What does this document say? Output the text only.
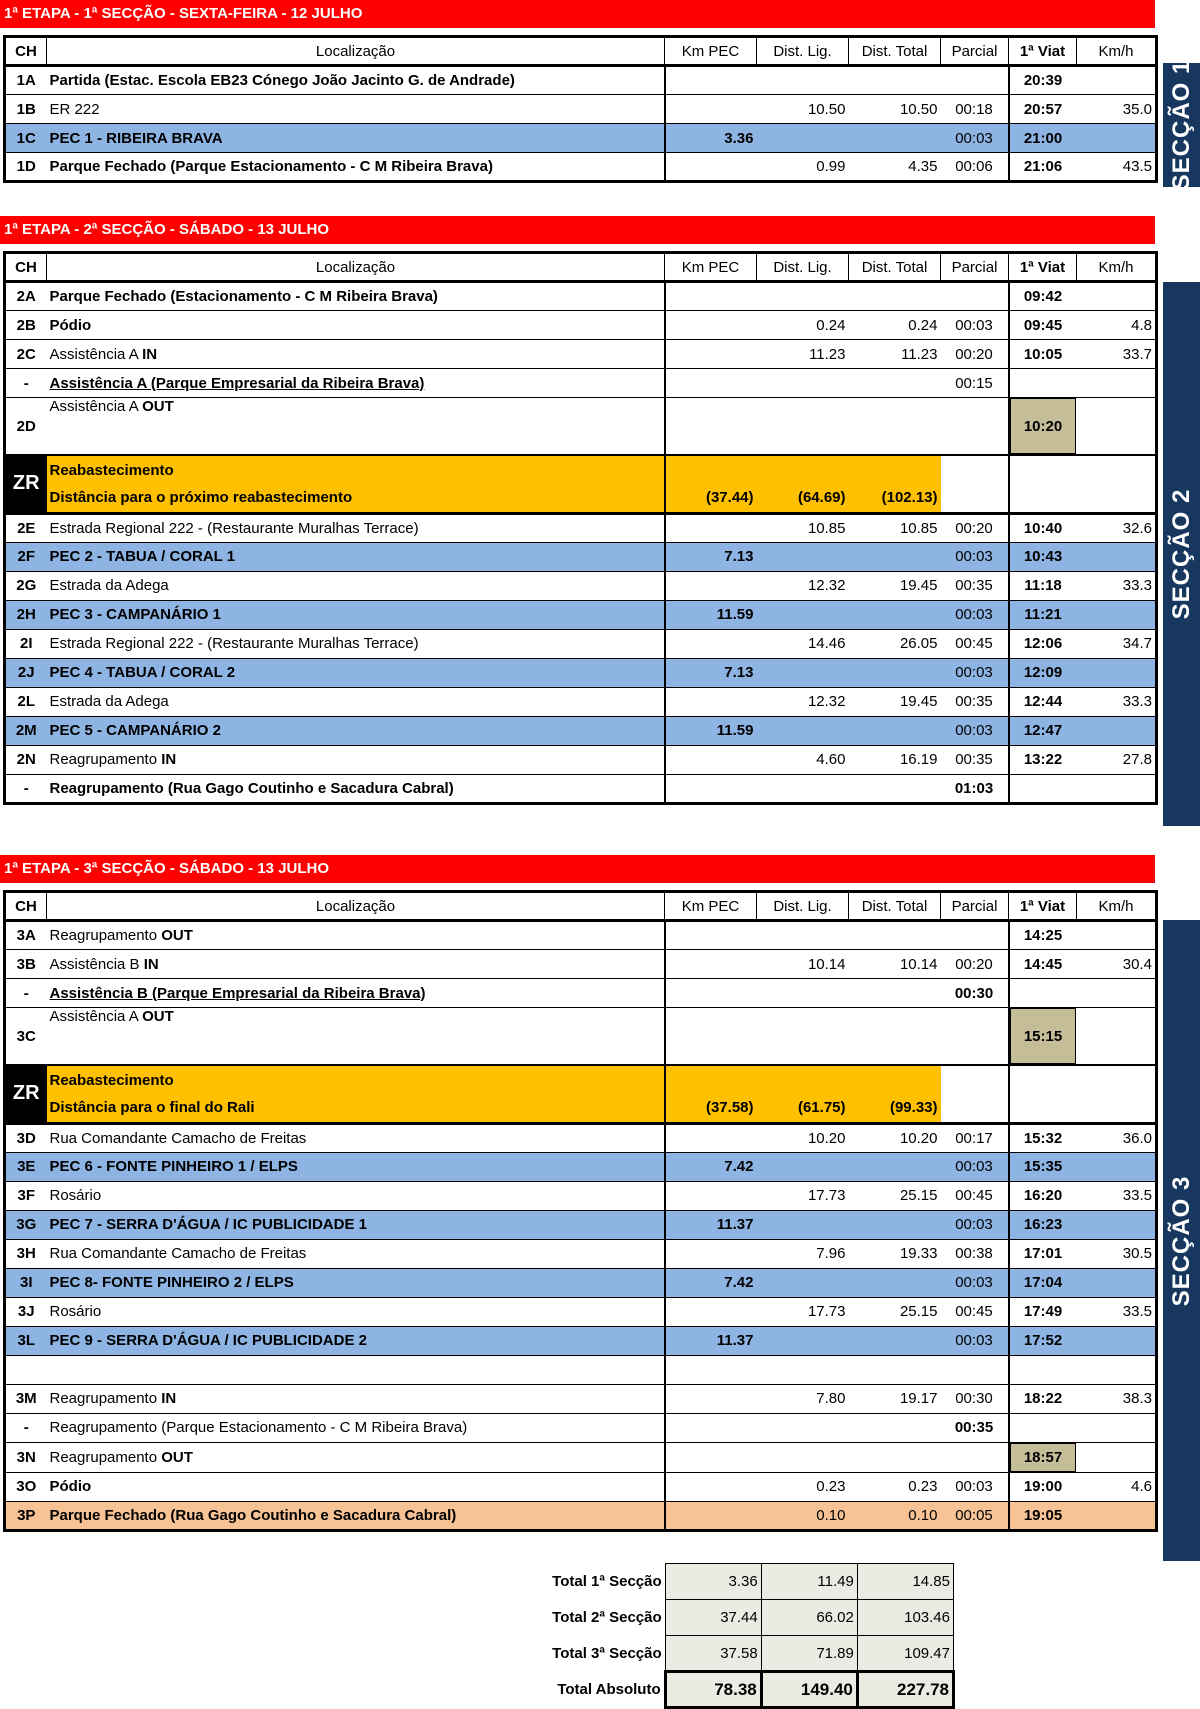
1ª ETAPA - 1ª SECÇÃO - SEXTA-FEIRA - 12 JULHO
CH	Localização	Km PEC	Dist. Lig.	Dist. Total	Parcial	1ª Viat	Km/h
1A	Partida (Estac. Escola EB23 Cónego João Jacinto G. de Andrade)					20:39	
1B	ER 222		10.50	10.50	00:18	20:57	35.0
1C	PEC 1 - RIBEIRA BRAVA	3.36			00:03	21:00	
1D	Parque Fechado (Parque Estacionamento - C M Ribeira Brava)		0.99	4.35	00:06	21:06	43.5 SECÇÃO 1
1ª ETAPA - 2ª SECÇÃO - SÁBADO - 13 JULHO
CH	Localização	Km PEC	Dist. Lig.	Dist. Total	Parcial	1ª Viat	Km/h
2A	Parque Fechado (Estacionamento - C M Ribeira Brava)					09:42	
2B	Pódio		0.24	0.24	00:03	09:45	4.8
2C	Assistência A IN		11.23	11.23	00:20	10:05	33.7
-	Assistência A (Parque Empresarial da Ribeira Brava)				00:15		
2D	Assistência A OUT					10:20	
ZR	Reabastecimento						
	Distância para o próximo reabastecimento	(37.44)	(64.69)	(102.13)			
2E	Estrada Regional 222 - (Restaurante Muralhas Terrace)		10.85	10.85	00:20	10:40	32.6
2F	PEC 2 - TABUA / CORAL 1	7.13			00:03	10:43	
2G	Estrada da Adega		12.32	19.45	00:35	11:18	33.3
2H	PEC 3 - CAMPANÁRIO 1	11.59			00:03	11:21	
2I	Estrada Regional 222 - (Restaurante Muralhas Terrace)		14.46	26.05	00:45	12:06	34.7
2J	PEC 4 - TABUA / CORAL 2	7.13			00:03	12:09	
2L	Estrada da Adega		12.32	19.45	00:35	12:44	33.3
2M	PEC 5 - CAMPANÁRIO 2	11.59			00:03	12:47	
2N	Reagrupamento IN		4.60	16.19	00:35	13:22	27.8
-	Reagrupamento (Rua Gago Coutinho e Sacadura Cabral)				01:03		
SECÇÃO 2
1ª ETAPA - 3ª SECÇÃO - SÁBADO - 13 JULHO
CH	Localização	Km PEC	Dist. Lig.	Dist. Total	Parcial	1ª Viat	Km/h
3A	Reagrupamento OUT					14:25	
3B	Assistência B IN		10.14	10.14	00:20	14:45	30.4
-	Assistência B (Parque Empresarial da Ribeira Brava)				00:30		
3C	Assistência A OUT					15:15	
ZR	Reabastecimento						
	Distância para o final do Rali	(37.58)	(61.75)	(99.33)			
3D	Rua Comandante Camacho de Freitas		10.20	10.20	00:17	15:32	36.0
3E	PEC 6 - FONTE PINHEIRO 1 / ELPS	7.42			00:03	15:35	
3F	Rosário		17.73	25.15	00:45	16:20	33.5
3G	PEC 7 - SERRA D'ÁGUA / IC PUBLICIDADE 1	11.37			00:03	16:23	
3H	Rua Comandante Camacho de Freitas		7.96	19.33	00:38	17:01	30.5
3I	PEC 8- FONTE PINHEIRO 2 / ELPS	7.42			00:03	17:04	
3J	Rosário		17.73	25.15	00:45	17:49	33.5
3L	PEC 9 - SERRA D'ÁGUA / IC PUBLICIDADE 2	11.37			00:03	17:52	

3M	Reagrupamento IN		7.80	19.17	00:30	18:22	38.3
-	Reagrupamento (Parque Estacionamento - C M Ribeira Brava)				00:35		
3N	Reagrupamento OUT					18:57	
3O	Pódio		0.23	0.23	00:03	19:00	4.6
3P	Parque Fechado (Rua Gago Coutinho e Sacadura Cabral)		0.10	0.10	00:05	19:05	
SECÇÃO 3
Total 1ª Secção	3.36	11.49	14.85
Total 2ª Secção	37.44	66.02	103.46
Total 3ª Secção	37.58	71.89	109.47
Total Absoluto	78.38	149.40	227.78
